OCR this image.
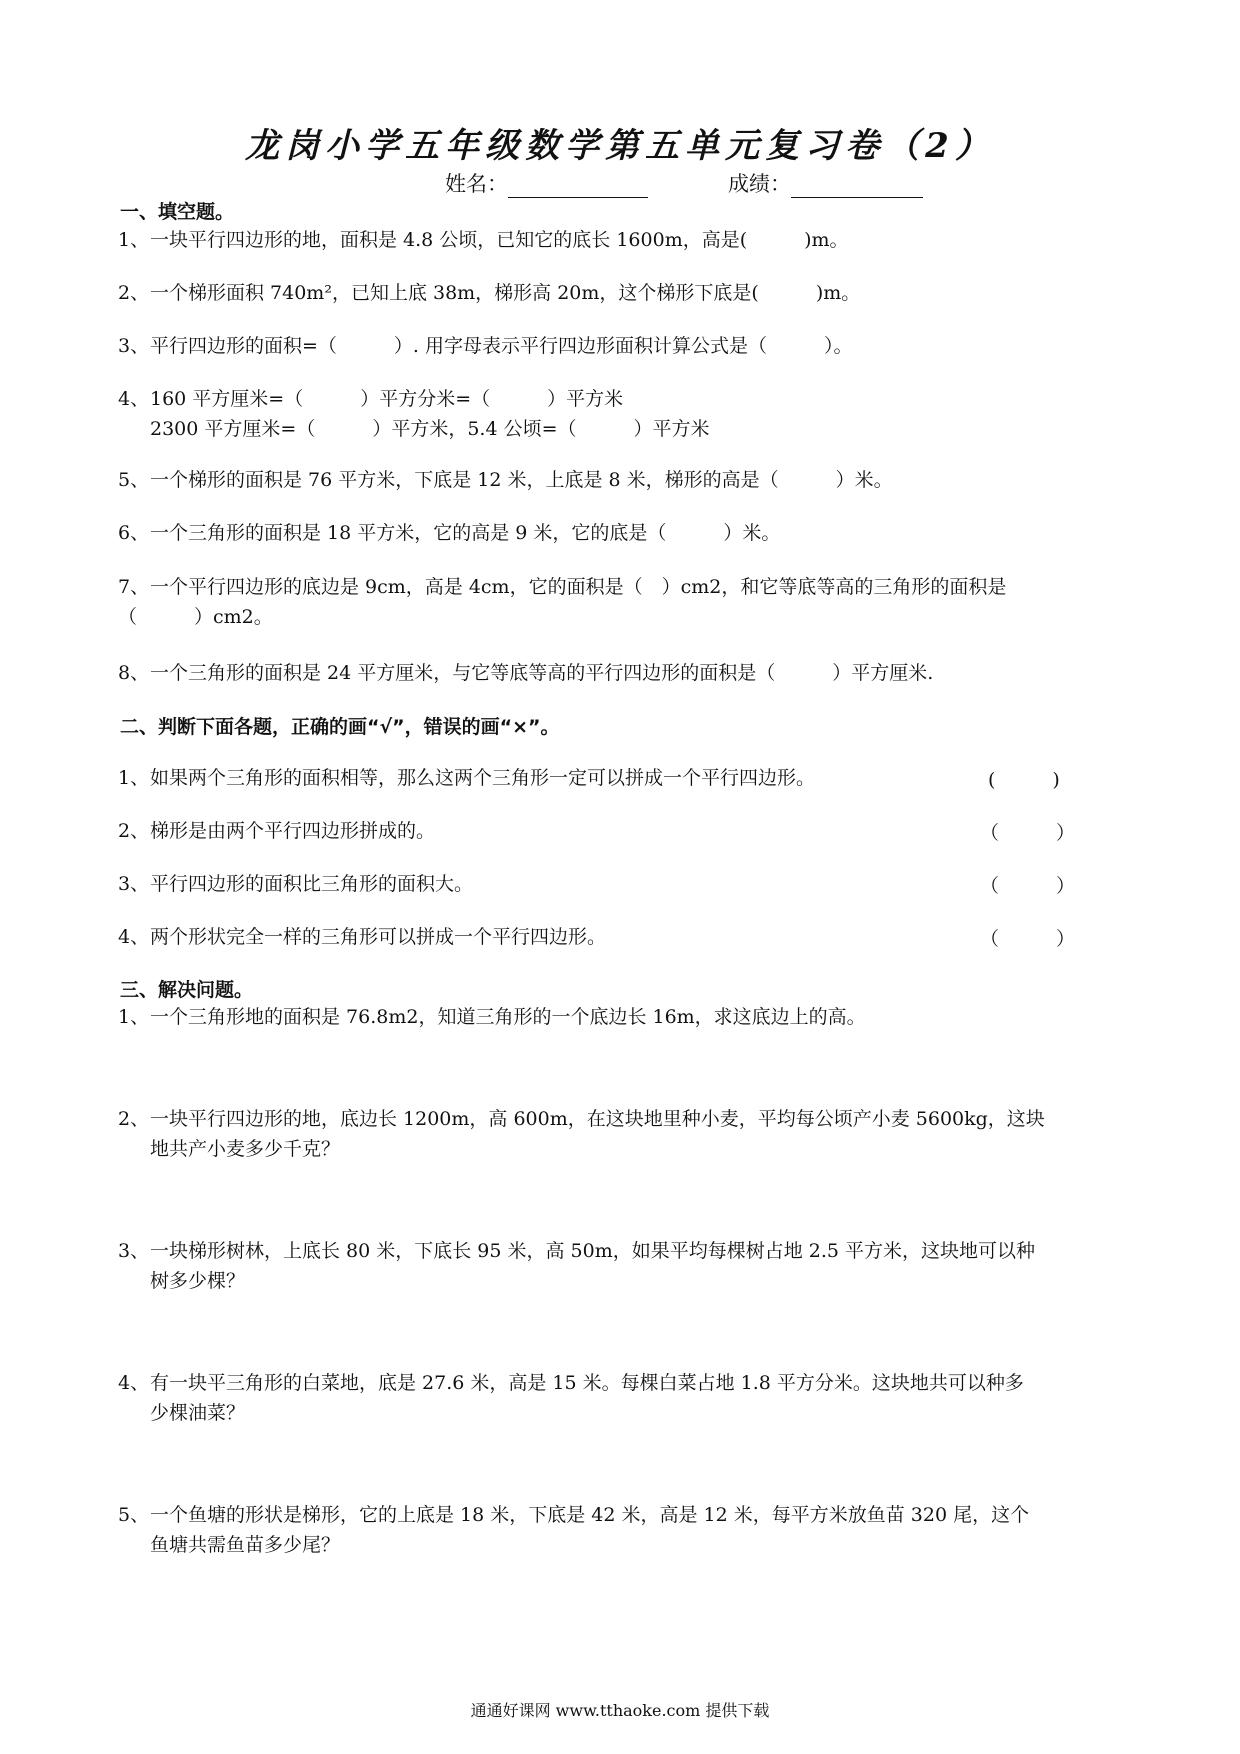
龙岗小学五年级数学第五单元复习卷（2）
姓名：	成绩：
一、填空题。
1、一块平行四边形的地，面积是 4.8 公顷，已知它的底长 1600m，高是(　　　)m。
2、一个梯形面积 740m²，已知上底 38m，梯形高 20m，这个梯形下底是(　　　)m。
3、平行四边形的面积=（　　　）. 用字母表示平行四边形面积计算公式是（　　　）。
4、160 平方厘米=（　　　）平方分米=（　　　）平方米
2300 平方厘米=（　　　）平方米，5.4 公顷=（　　　）平方米
5、一个梯形的面积是 76 平方米，下底是 12 米，上底是 8 米，梯形的高是（　　　）米。
6、一个三角形的面积是 18 平方米，它的高是 9 米，它的底是（　　　）米。
7、一个平行四边形的底边是 9cm，高是 4cm，它的面积是（　）cm2，和它等底等高的三角形的面积是
（　　　）cm2。
8、一个三角形的面积是 24 平方厘米，与它等底等高的平行四边形的面积是（　　　）平方厘米.
二、判断下面各题，正确的画“√”，错误的画“×”。
1、如果两个三角形的面积相等，那么这两个三角形一定可以拼成一个平行四边形。	(　　　)
2、梯形是由两个平行四边形拼成的。	（　　　）
3、平行四边形的面积比三角形的面积大。	（　　　）
4、两个形状完全一样的三角形可以拼成一个平行四边形。	（　　　）
三、解决问题。
1、一个三角形地的面积是 76.8m2，知道三角形的一个底边长 16m，求这底边上的高。
2、一块平行四边形的地，底边长 1200m，高 600m，在这块地里种小麦，平均每公顷产小麦 5600kg，这块
地共产小麦多少千克？
3、一块梯形树林，上底长 80 米，下底长 95 米，高 50m，如果平均每棵树占地 2.5 平方米，这块地可以种
树多少棵？
4、有一块平三角形的白菜地，底是 27.6 米，高是 15 米。每棵白菜占地 1.8 平方分米。这块地共可以种多
少棵油菜？
5、一个鱼塘的形状是梯形，它的上底是 18 米，下底是 42 米，高是 12 米，每平方米放鱼苗 320 尾，这个
鱼塘共需鱼苗多少尾？
通通好课网 www.tthaoke.com 提供下载
